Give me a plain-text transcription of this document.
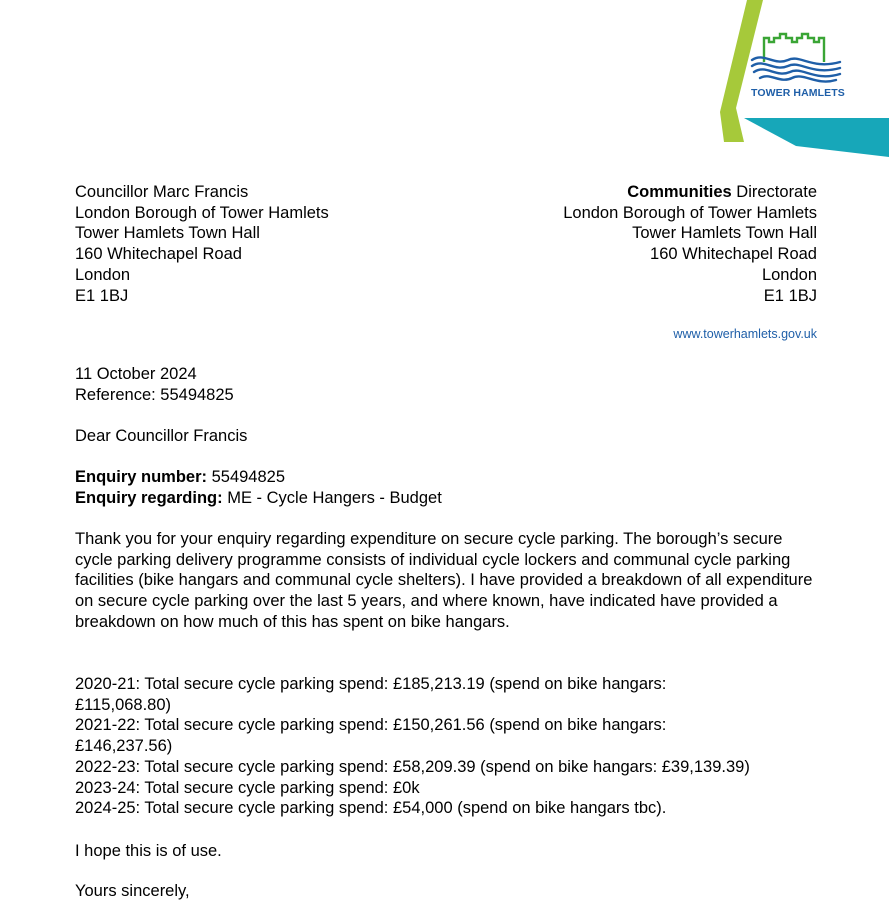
TOWER HAMLETS
Councillor Marc Francis
London Borough of Tower Hamlets
Tower Hamlets Town Hall
160 Whitechapel Road
London
E1 1BJ
Communities Directorate
London Borough of Tower Hamlets
Tower Hamlets Town Hall
160 Whitechapel Road
London
E1 1BJ
www.towerhamlets.gov.uk
11 October 2024
Reference: 55494825
Dear Councillor Francis
Enquiry number: 55494825
Enquiry regarding: ME - Cycle Hangers - Budget
Thank you for your enquiry regarding expenditure on secure cycle parking. The borough’s secure cycle parking delivery programme consists of individual cycle lockers and communal cycle parking facilities (bike hangars and communal cycle shelters). I have provided a breakdown of all expenditure on secure cycle parking over the last 5 years, and where known, have indicated have provided a breakdown on how much of this has spent on bike hangars.
2020-21: Total secure cycle parking spend: £185,213.19 (spend on bike hangars:
£115,068.80)
2021-22: Total secure cycle parking spend: £150,261.56 (spend on bike hangars:
£146,237.56)
2022-23: Total secure cycle parking spend: £58,209.39 (spend on bike hangars: £39,139.39)
2023-24: Total secure cycle parking spend: £0k
2024-25: Total secure cycle parking spend: £54,000 (spend on bike hangars tbc).
I hope this is of use.
Yours sincerely,
